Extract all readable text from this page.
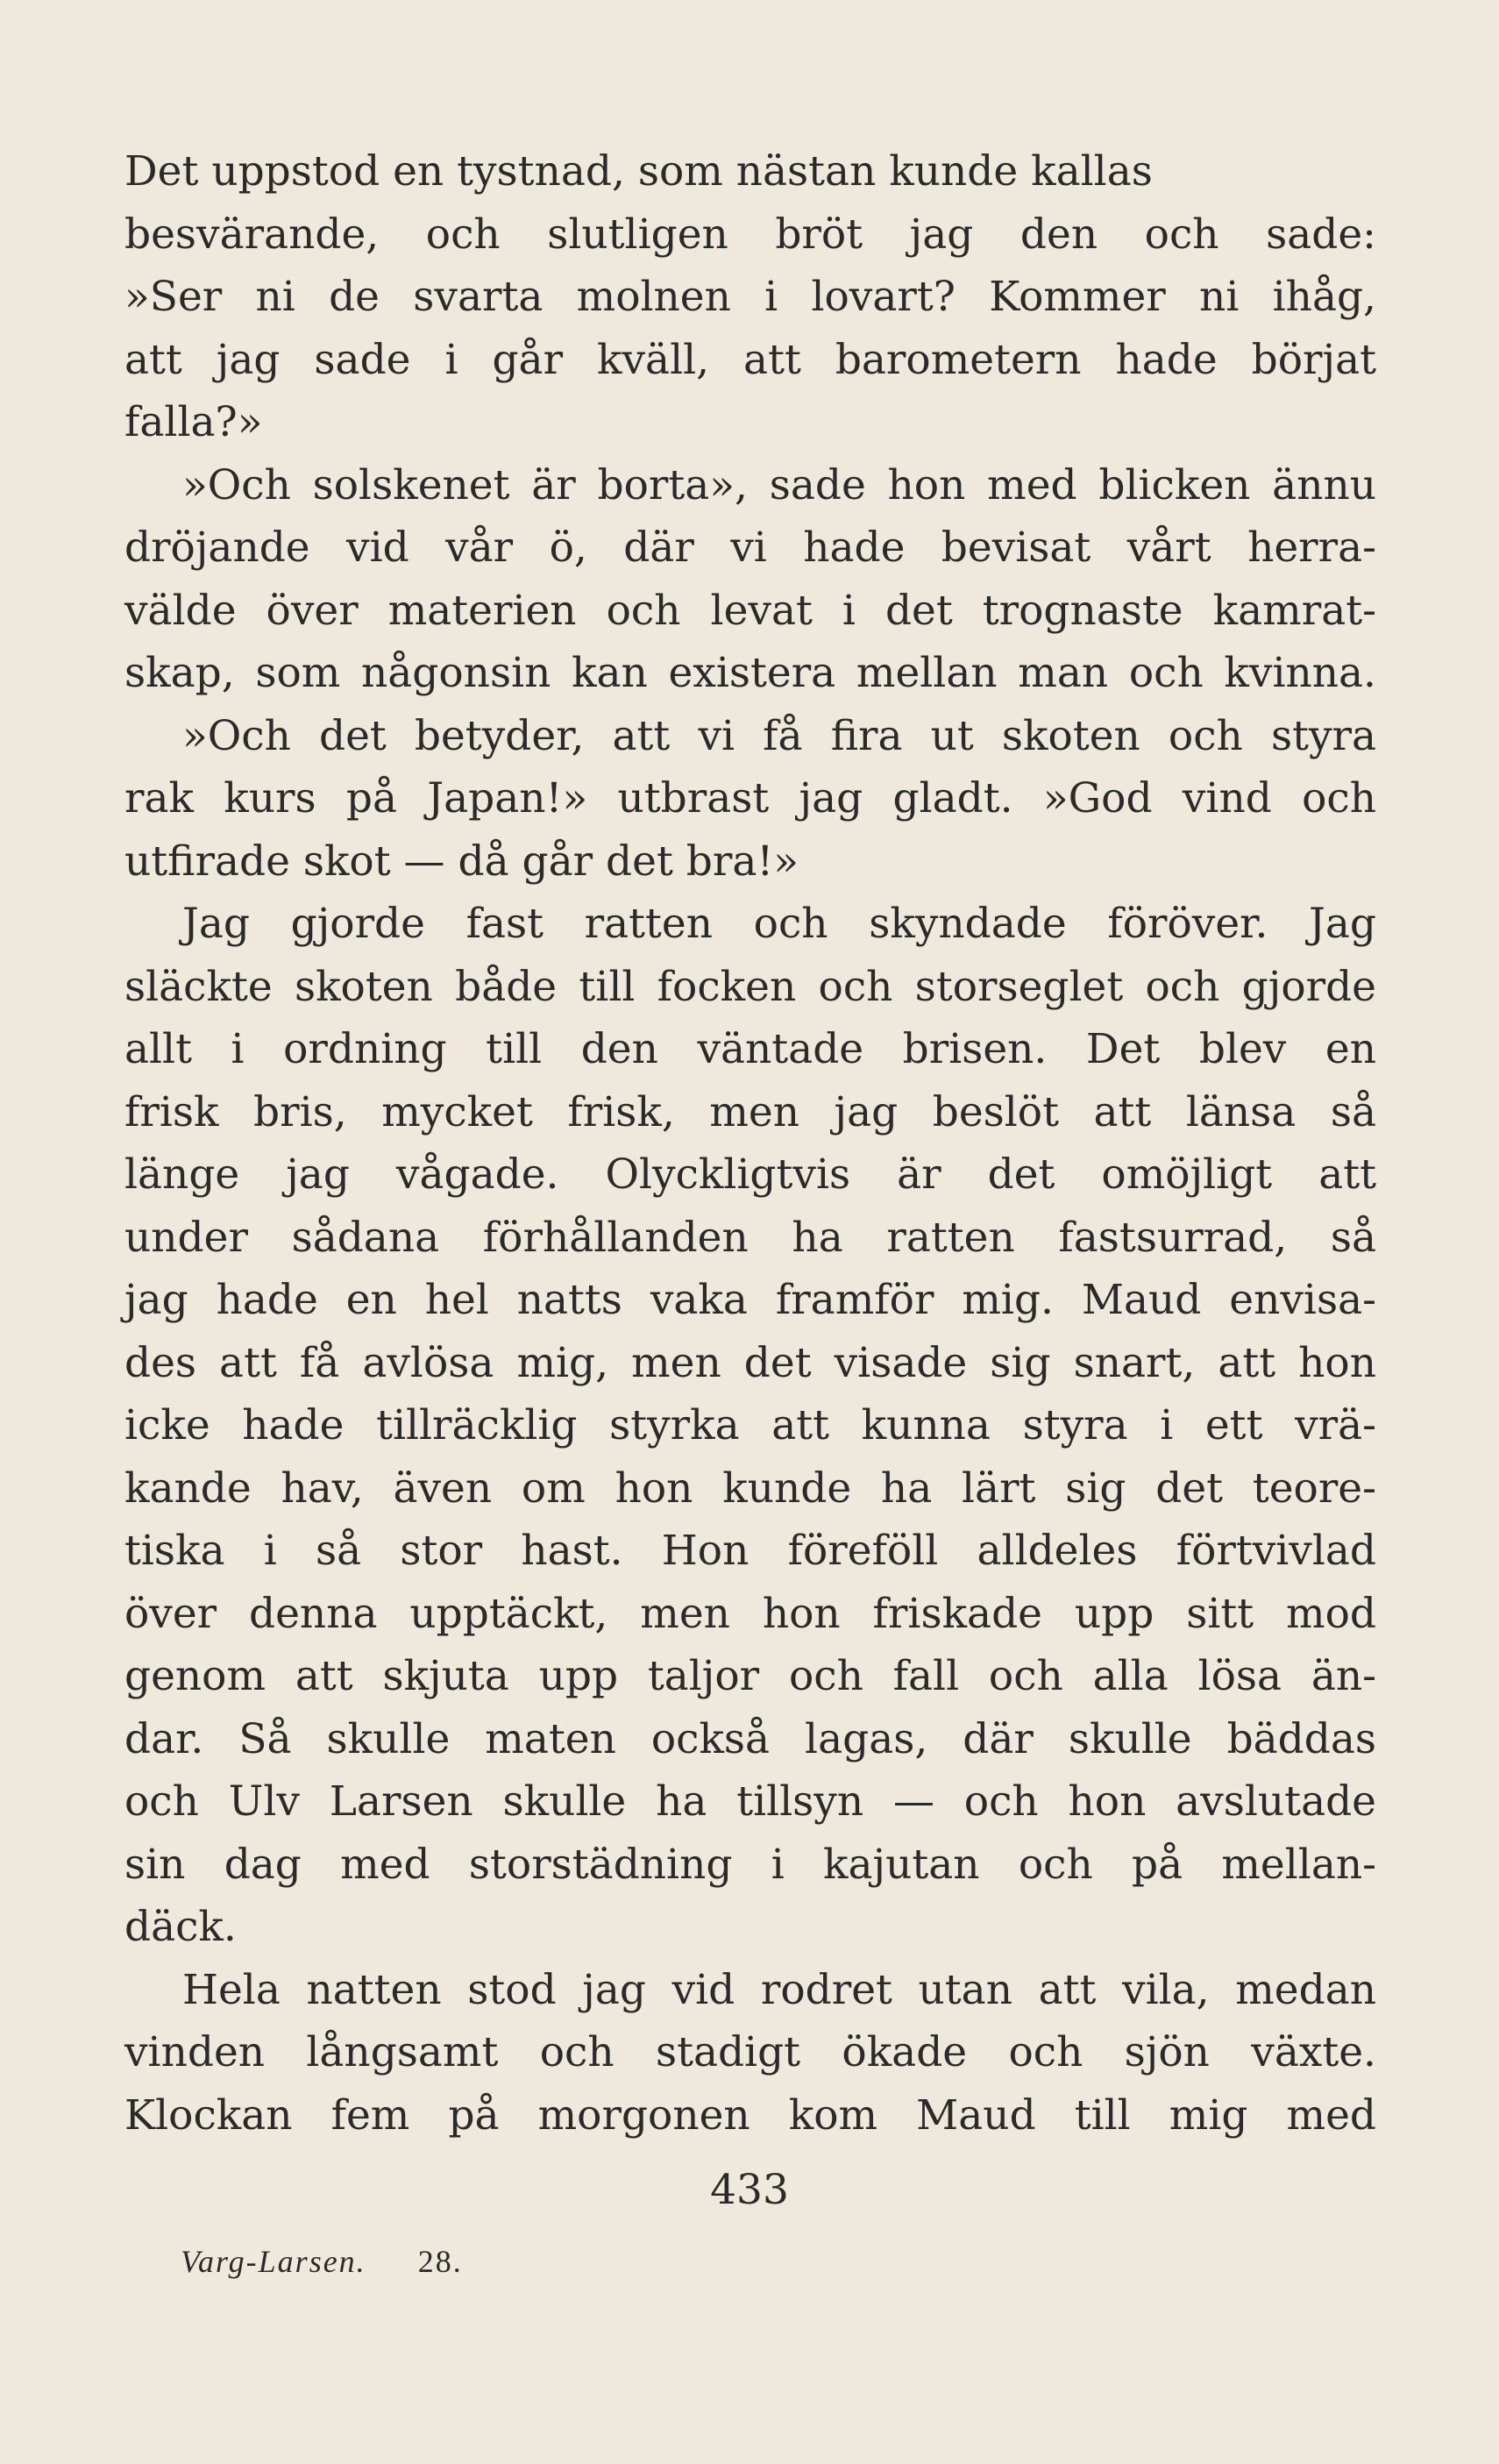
Det uppstod en tystnad, som nästan kunde kallas
besvärande, och slutligen bröt jag den och sade:
»Ser ni de svarta molnen i lovart? Kommer ni ihåg,
att jag sade i går kväll, att barometern hade börjat
falla?»
»Och solskenet är borta», sade hon med blicken ännu
dröjande vid vår ö, där vi hade bevisat vårt herra-
välde över materien och levat i det trognaste kamrat-
skap, som någonsin kan existera mellan man och kvinna.
»Och det betyder, att vi få fira ut skoten och styra
rak kurs på Japan!» utbrast jag gladt. »God vind och
utfirade skot — då går det bra!»
Jag gjorde fast ratten och skyndade föröver. Jag
släckte skoten både till focken och storseglet och gjorde
allt i ordning till den väntade brisen. Det blev en
frisk bris, mycket frisk, men jag beslöt att länsa så
länge jag vågade. Olyckligtvis är det omöjligt att
under sådana förhållanden ha ratten fastsurrad, så
jag hade en hel natts vaka framför mig. Maud envisa-
des att få avlösa mig, men det visade sig snart, att hon
icke hade tillräcklig styrka att kunna styra i ett vrä-
kande hav, även om hon kunde ha lärt sig det teore-
tiska i så stor hast. Hon föreföll alldeles förtvivlad
över denna upptäckt, men hon friskade upp sitt mod
genom att skjuta upp taljor och fall och alla lösa än-
dar. Så skulle maten också lagas, där skulle bäddas
och Ulv Larsen skulle ha tillsyn — och hon avslutade
sin dag med storstädning i kajutan och på mellan-
däck.
Hela natten stod jag vid rodret utan att vila, medan
vinden långsamt och stadigt ökade och sjön växte.
Klockan fem på morgonen kom Maud till mig med
433
Varg-Larsen. 28.
